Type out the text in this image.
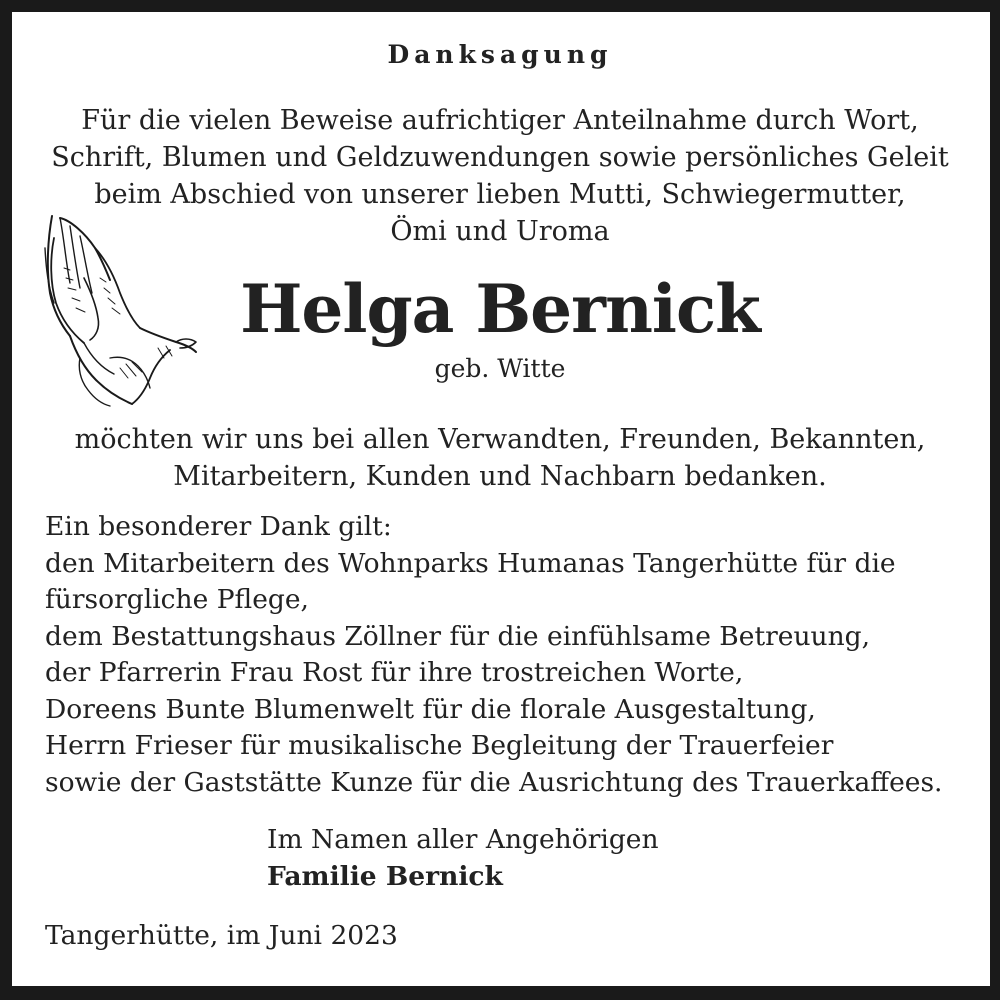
Danksagung
Für die vielen Beweise aufrichtiger Anteilnahme durch Wort,
Schrift, Blumen und Geldzuwendungen sowie persönliches Geleit
beim Abschied von unserer lieben Mutti, Schwiegermutter,
Ömi und Uroma
Helga Bernick
geb. Witte
möchten wir uns bei allen Verwandten, Freunden, Bekannten,
Mitarbeitern, Kunden und Nachbarn bedanken.
Ein besonderer Dank gilt:
den Mitarbeitern des Wohnparks Humanas Tangerhütte für die
fürsorgliche Pflege,
dem Bestattungshaus Zöllner für die einfühlsame Betreuung,
der Pfarrerin Frau Rost für ihre trostreichen Worte,
Doreens Bunte Blumenwelt für die florale Ausgestaltung,
Herrn Frieser für musikalische Begleitung der Trauerfeier
sowie der Gaststätte Kunze für die Ausrichtung des Trauerkaffees.
Im Namen aller Angehörigen
Familie Bernick
Tangerhütte, im Juni 2023
